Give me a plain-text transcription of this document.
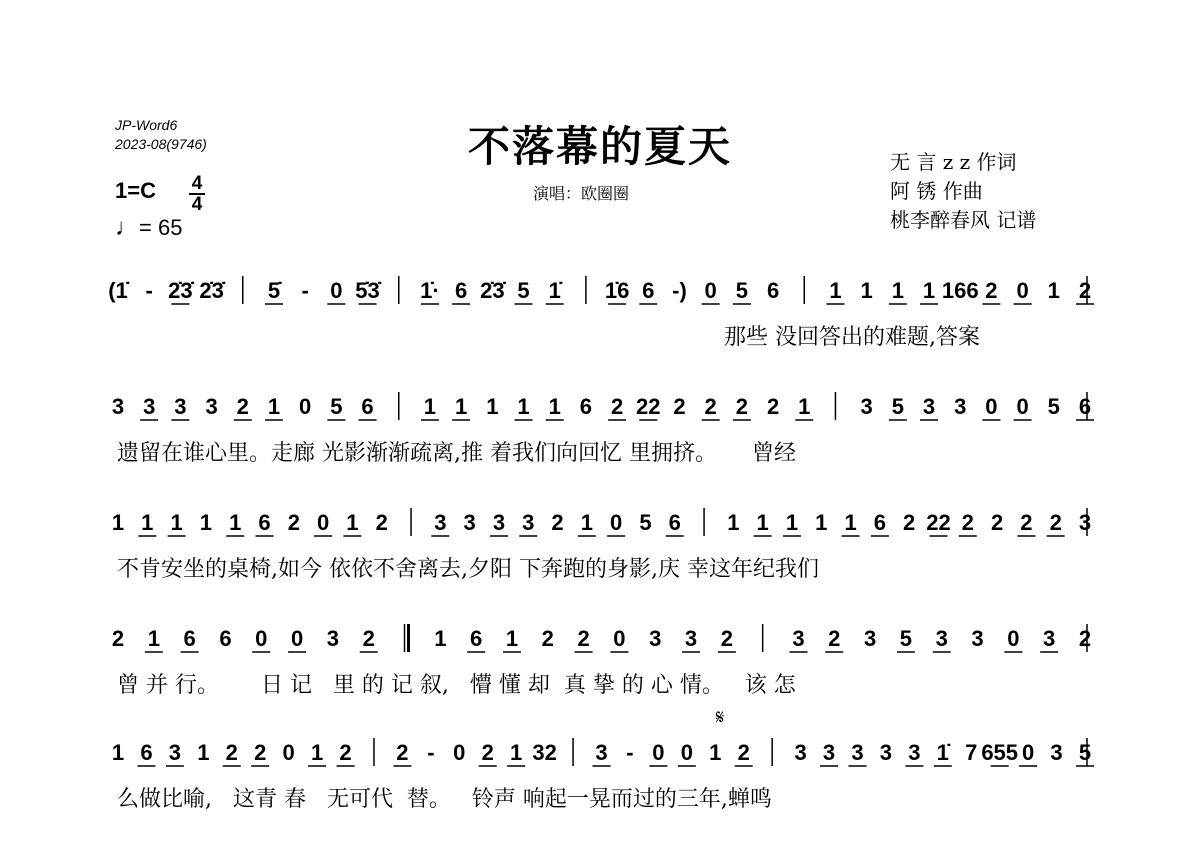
JP-Word6
2023-08(9746)	不落幕的夏天
演唱：欧圈圈
无 言 z z 作词
阿 锈 作曲
桃李醉春风 记谱
1=C 4
4
♩= 65
(1̇ - 2̇3̇ 2̇3̇ 5̇ - 0 5̇3̇ 1̇· 6 2̇3̇ 5 1̇ 1̇6 6 -) 0 5 6 1 1 1 1 166 2 0 1 2
3 3 3 3 2 1 0 5 6 1 1 1 1 1 6 2 22 2 2 2 2 1 3 5 3 3 0 0 5 6
1 1 1 1 1 6 2 0 1 2 3 3 3 3 2 1 0 5 6 1 1 1 1 1 6 2 22 2 2 2 2 3
2 1 6 6 0 0 3 2	1 6 1 2 2 0 3 3 2	3 2 3 5 3 3 0 3 2
1 6 3 1 2 2 0 1 2 2 - 0 2 1 32 3 - 0 0 1 2 3 3 3 3 3 1̇ 7 655 0 3 5
𝄋
那些 没回答出的难题,答案
遗留在谁心里。走廊 光影渐渐疏离,推 着我们向回忆 里拥挤。     曾经
不肯安坐的桌椅,如今 依依不舍离去,夕阳 下奔跑的身影,庆 幸这年纪我们
曾 并 行。      日 记   里 的 记 叙,   懵 懂 却  真 挚 的 心 情。   该 怎
么做比喻,   这青 春   无可代  替。   铃声 响起一晃而过的三年,蝉鸣
